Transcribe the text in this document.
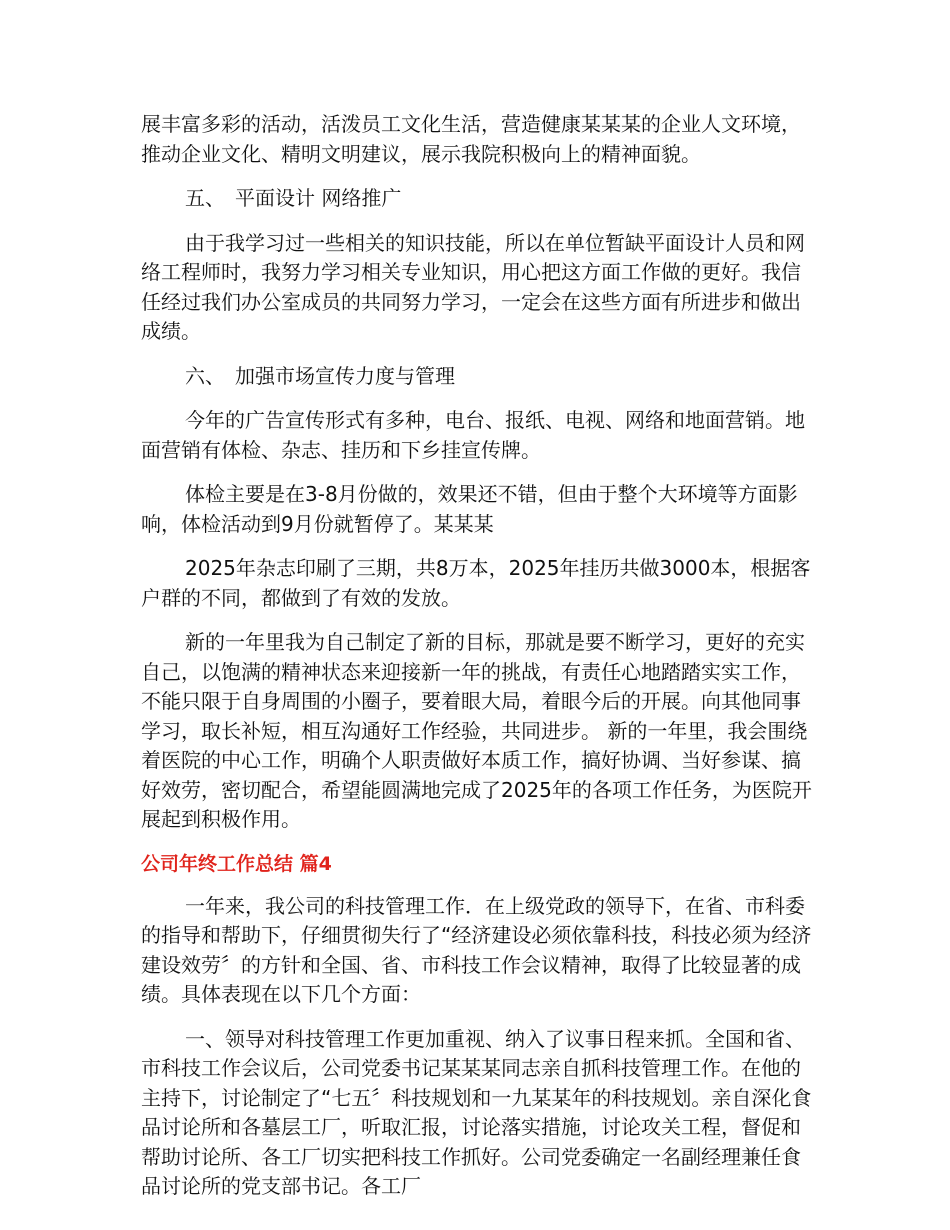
展丰富多彩的活动，活泼员工文化生活，营造健康某某某的企业人文环境，推动企业文化、精明文明建议，展示我院积极向上的精神面貌。

五、　平面设计 网络推广

由于我学习过一些相关的知识技能，所以在单位暂缺平面设计人员和网络工程师时，我努力学习相关专业知识，用心把这方面工作做的更好。我信任经过我们办公室成员的共同努力学习，一定会在这些方面有所进步和做出成绩。

六、　加强市场宣传力度与管理

今年的广告宣传形式有多种，电台、报纸、电视、网络和地面营销。地面营销有体检、杂志、挂历和下乡挂宣传牌。

体检主要是在3-8月份做的，效果还不错，但由于整个大环境等方面影响，体检活动到9月份就暂停了。某某某

2025年杂志印刷了三期，共8万本，2025年挂历共做3000本，根据客户群的不同，都做到了有效的发放。

新的一年里我为自己制定了新的目标，那就是要不断学习，更好的充实自己，以饱满的精神状态来迎接新一年的挑战，有责任心地踏踏实实工作，不能只限于自身周围的小圈子，要着眼大局，着眼今后的开展。向其他同事学习，取长补短，相互沟通好工作经验，共同进步。 新的一年里，我会围绕着医院的中心工作，明确个人职责做好本质工作，搞好协调、当好参谋、搞好效劳，密切配合，希望能圆满地完成了2025年的各项工作任务，为医院开展起到积极作用。

公司年终工作总结 篇4

一年来，我公司的科技管理工作．在上级党政的领导下，在省、市科委的指导和帮助下，仔细贯彻失行了“经济建设必须依靠科技，科技必须为经济建设效劳〞的方针和全国、省、市科技工作会议精神，取得了比较显著的成绩。具体表现在以下几个方面：

一、领导对科技管理工作更加重视、纳入了议事日程来抓。全国和省、市科技工作会议后，公司党委书记某某某同志亲自抓科技管理工作。在他的主持下，讨论制定了“七五〞科技规划和一九某某年的科技规划。亲自深化食品讨论所和各墓层工厂，听取汇报，讨论落实措施，讨论攻关工程，督促和帮助讨论所、各工厂切实把科技工作抓好。公司党委确定一名副经理兼任食品讨论所的党支部书记。各工厂
